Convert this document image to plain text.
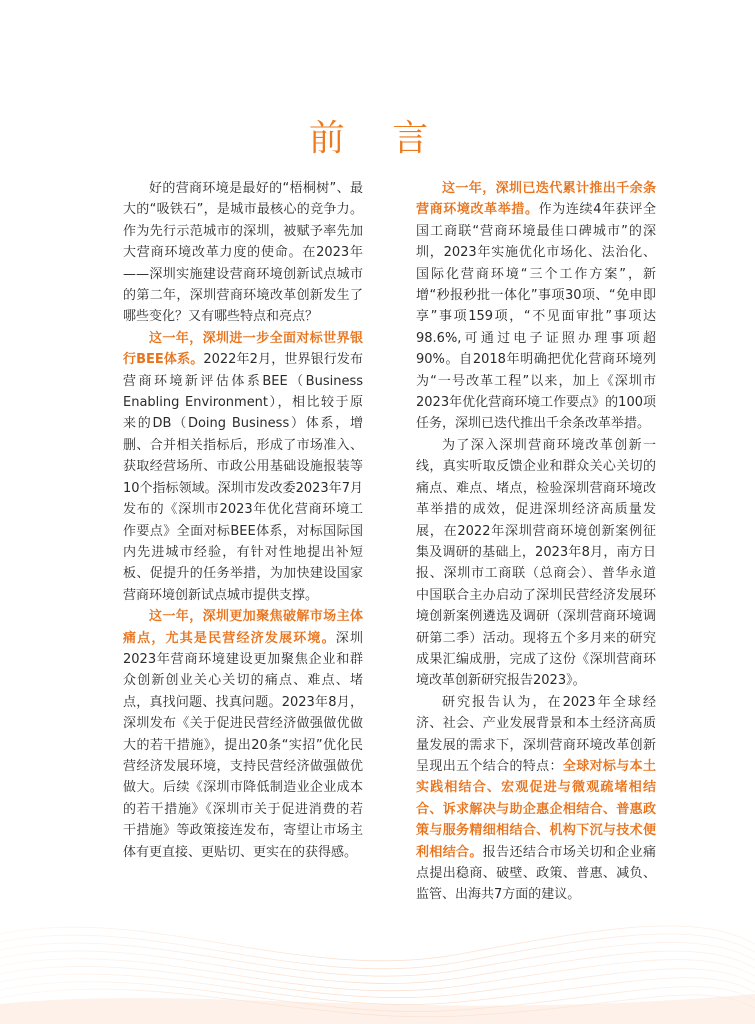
前 言

好的营商环境是最好的“梧桐树”、最大的“吸铁石”，是城市最核心的竞争力。作为先行示范城市的深圳，被赋予率先加大营商环境改革力度的使命。在2023年——深圳实施建设营商环境创新试点城市的第二年，深圳营商环境改革创新发生了哪些变化？又有哪些特点和亮点？

这一年，深圳进一步全面对标世界银行BEE体系。2022年2月，世界银行发布营商环境新评估体系BEE（Business Enabling Environment），相比较于原来的DB（Doing Business）体系，增删、合并相关指标后，形成了市场准入、获取经营场所、市政公用基础设施报装等10个指标领域。深圳市发改委2023年7月发布的《深圳市2023年优化营商环境工作要点》全面对标BEE体系，对标国际国内先进城市经验，有针对性地提出补短板、促提升的任务举措，为加快建设国家营商环境创新试点城市提供支撑。

这一年，深圳更加聚焦破解市场主体痛点，尤其是民营经济发展环境。深圳2023年营商环境建设更加聚焦企业和群众创新创业关心关切的痛点、难点、堵点，真找问题、找真问题。2023年8月，深圳发布《关于促进民营经济做强做优做大的若干措施》，提出20条“实招”优化民营经济发展环境，支持民营经济做强做优做大。后续《深圳市降低制造业企业成本的若干措施》《深圳市关于促进消费的若干措施》等政策接连发布，寄望让市场主体有更直接、更贴切、更实在的获得感。

这一年，深圳已迭代累计推出千余条营商环境改革举措。作为连续4年获评全国工商联“营商环境最佳口碑城市”的深圳，2023年实施优化市场化、法治化、国际化营商环境“三个工作方案”，新增“秒报秒批一体化”事项30项、“免申即享”事项159项，“不见面审批”事项达98.6%,可通过电子证照办理事项超90%。自2018年明确把优化营商环境列为“一号改革工程”以来，加上《深圳市2023年优化营商环境工作要点》的100项任务，深圳已迭代推出千余条改革举措。

为了深入深圳营商环境改革创新一线，真实听取反馈企业和群众关心关切的痛点、难点、堵点，检验深圳营商环境改革举措的成效，促进深圳经济高质量发展，在2022年深圳营商环境创新案例征集及调研的基础上，2023年8月，南方日报、深圳市工商联（总商会）、普华永道中国联合主办启动了深圳民营经济发展环境创新案例遴选及调研（深圳营商环境调研第二季）活动。现将五个多月来的研究成果汇编成册，完成了这份《深圳营商环境改革创新研究报告2023》。

研究报告认为，在2023年全球经济、社会、产业发展背景和本土经济高质量发展的需求下，深圳营商环境改革创新呈现出五个结合的特点：全球对标与本土实践相结合、宏观促进与微观疏堵相结合、诉求解决与助企惠企相结合、普惠政策与服务精细相结合、机构下沉与技术便利相结合。报告还结合市场关切和企业痛点提出稳商、破壁、政策、普惠、减负、监管、出海共7方面的建议。
